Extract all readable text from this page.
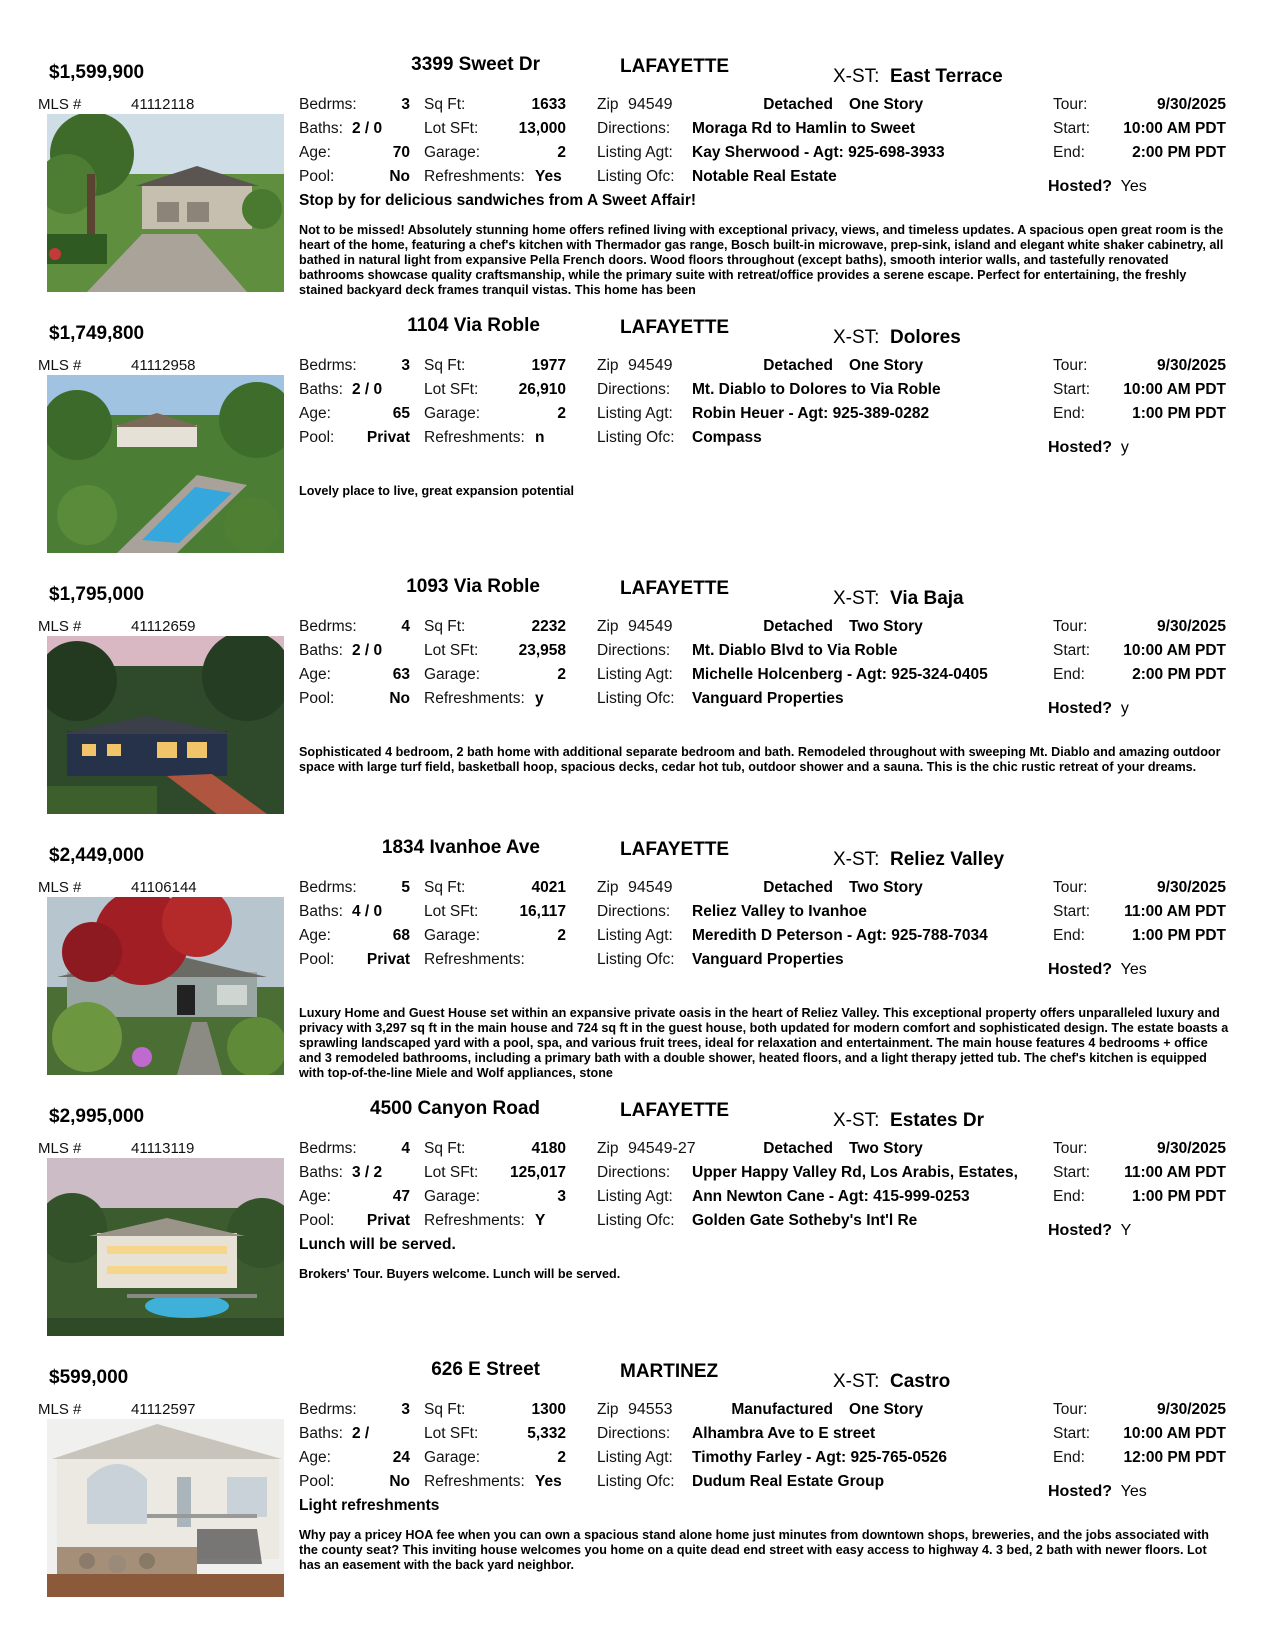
$1,599,900	3399 Sweet Dr	LAFAYETTE	X-ST: East Terrace
MLS #	41112118	Bedrms:	3 Sq Ft:	1633 Zip 94549	Detached One Story	Tour:	9/30/2025
Baths: 2 / 0	Lot SFt:	13,000 Directions: Moraga Rd to Hamlin to Sweet	Start:	10:00 AM PDT
Age:	70 Garage:	2 Listing Agt: Kay Sherwood - Agt: 925-698-3933	End:	2:00 PM PDT
Pool:	No Refreshments: Yes Listing Ofc: Notable Real Estate
Hosted? Yes
Stop by for delicious sandwiches from A Sweet Affair!
Not to be missed! Absolutely stunning home offers refined living with exceptional privacy, views, and timeless updates. A spacious open great room is the heart of the home, featuring a chef's kitchen with Thermador gas range, Bosch built-in microwave, prep-sink, island and elegant white shaker cabinetry, all bathed in natural light from expansive Pella French doors. Wood floors throughout (except baths), smooth interior walls, and tastefully renovated bathrooms showcase quality craftsmanship, while the primary suite with retreat/office provides a serene escape. Perfect for entertaining, the freshly stained backyard deck frames tranquil vistas. This home has been
$1,749,800	1104 Via Roble	LAFAYETTE	X-ST: Dolores
MLS #	41112958	Bedrms:	3 Sq Ft:	1977 Zip 94549	Detached One Story	Tour:	9/30/2025
Baths: 2 / 0	Lot SFt:	26,910 Directions: Mt. Diablo to Dolores to Via Roble	Start:	10:00 AM PDT
Age:	65 Garage:	2 Listing Agt: Robin Heuer - Agt: 925-389-0282	End:	1:00 PM PDT
Pool:	Privat Refreshments: n	Listing Ofc: Compass
Hosted? y
Lovely place to live, great expansion potential
$1,795,000	1093 Via Roble	LAFAYETTE	X-ST: Via Baja
MLS #	41112659	Bedrms:	4 Sq Ft:	2232 Zip 94549	Detached Two Story	Tour:	9/30/2025
Baths: 2 / 0	Lot SFt:	23,958 Directions: Mt. Diablo Blvd to Via Roble	Start:	10:00 AM PDT
Age:	63 Garage:	2 Listing Agt: Michelle Holcenberg - Agt: 925-324-0405	End:	2:00 PM PDT
Pool:	No Refreshments: y	Listing Ofc: Vanguard Properties
Hosted? y
Sophisticated 4 bedroom, 2 bath home with additional separate bedroom and bath. Remodeled throughout with sweeping Mt. Diablo and amazing outdoor space with large turf field, basketball hoop, spacious decks, cedar hot tub, outdoor shower and a sauna. This is the chic rustic retreat of your dreams.
$2,449,000	1834 Ivanhoe Ave	LAFAYETTE	X-ST: Reliez Valley
MLS #	41106144	Bedrms:	5 Sq Ft:	4021 Zip 94549	Detached Two Story	Tour:	9/30/2025
Baths: 4 / 0	Lot SFt:	16,117 Directions: Reliez Valley to Ivanhoe	Start:	11:00 AM PDT
Age:	68 Garage:	2 Listing Agt: Meredith D Peterson - Agt: 925-788-7034	End:	1:00 PM PDT
Pool:	Privat Refreshments:	Listing Ofc: Vanguard Properties
Hosted? Yes
Luxury Home and Guest House set within an expansive private oasis in the heart of Reliez Valley. This exceptional property offers unparalleled luxury and privacy with 3,297 sq ft in the main house and 724 sq ft in the guest house, both updated for modern comfort and sophisticated design. The estate boasts a sprawling landscaped yard with a pool, spa, and various fruit trees, ideal for relaxation and entertainment. The main house features 4 bedrooms + office and 3 remodeled bathrooms, including a primary bath with a double shower, heated floors, and a light therapy jetted tub. The chef's kitchen is equipped with top-of-the-line Miele and Wolf appliances, stone
$2,995,000	4500 Canyon Road	LAFAYETTE	X-ST: Estates Dr
MLS #	41113119	Bedrms:	4 Sq Ft:	4180 Zip 94549-27	Detached Two Story	Tour:	9/30/2025
Baths: 3 / 2	Lot SFt:	125,017 Directions: Upper Happy Valley Rd, Los Arabis, Estates, Start:	11:00 AM PDT
Age:	47 Garage:	3 Listing Agt: Ann Newton Cane - Agt: 415-999-0253	End:	1:00 PM PDT
Pool:	Privat Refreshments: Y	Listing Ofc: Golden Gate Sotheby's Int'l Re
Hosted? Y
Lunch will be served.
Brokers' Tour. Buyers welcome. Lunch will be served.
$599,000	626 E Street	MARTINEZ	X-ST: Castro
MLS #	41112597	Bedrms:	3 Sq Ft:	1300 Zip 94553	Manufactured One Story	Tour:	9/30/2025
Baths: 2 /	Lot SFt:	5,332 Directions: Alhambra Ave to E street	Start:	10:00 AM PDT
Age:	24 Garage:	2 Listing Agt: Timothy Farley - Agt: 925-765-0526	End:	12:00 PM PDT
Pool:	No Refreshments: Yes Listing Ofc: Dudum Real Estate Group
Hosted? Yes
Light refreshments
Why pay a pricey HOA fee when you can own a spacious stand alone home just minutes from downtown shops, breweries, and the jobs associated with the county seat? This inviting house welcomes you home on a quite dead end street with easy access to highway 4. 3 bed, 2 bath with newer floors. Lot has an easement with the back yard neighbor.
